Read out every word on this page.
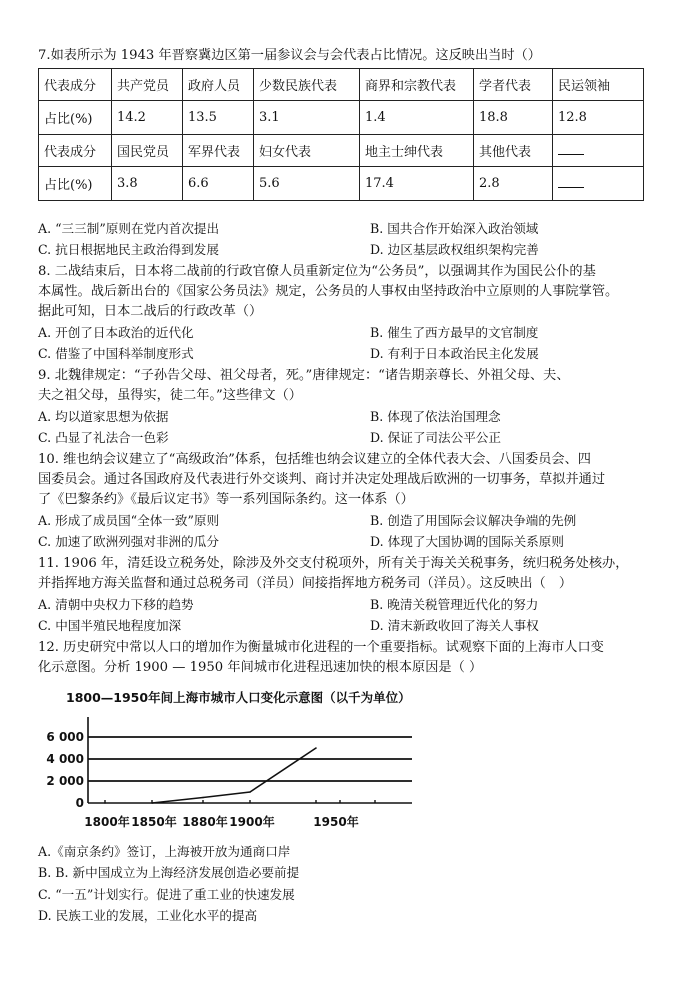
7.如表所示为 1943 年晋察冀边区第一届参议会与会代表占比情况。这反映出当时（）
代表成分	共产党员	政府人员	少数民族代表	商界和宗教代表	学者代表	民运领袖
占比(%)	14.2	13.5	3.1	1.4	18.8	12.8
代表成分	国民党员	军界代表	妇女代表	地主士绅代表	其他代表	
占比(%)	3.8	6.6	5.6	17.4	2.8	
A. “三三制”原则在党内首次提出	B. 国共合作开始深入政治领域
C. 抗日根据地民主政治得到发展	D. 边区基层政权组织架构完善
8. 二战结束后，日本将二战前的行政官僚人员重新定位为“公务员”，以强调其作为国民公仆的基
本属性。战后新出台的《国家公务员法》规定，公务员的人事权由坚持政治中立原则的人事院掌管。
据此可知，日本二战后的行政改革（）
A. 开创了日本政治的近代化	B. 催生了西方最早的文官制度
C. 借鉴了中国科举制度形式	D. 有利于日本政治民主化发展
9. 北魏律规定：“子孙告父母、祖父母者，死。”唐律规定：“诸告期亲尊长、外祖父母、夫、
夫之祖父母，虽得实，徒二年。”这些律文（）
A. 均以道家思想为依据	B. 体现了依法治国理念
C. 凸显了礼法合一色彩	D. 保证了司法公平公正
10. 维也纳会议建立了“高级政治”体系，包括维也纳会议建立的全体代表大会、八国委员会、四
国委员会。通过各国政府及代表进行外交谈判、商讨并决定处理战后欧洲的一切事务，草拟并通过
了《巴黎条约》《最后议定书》等一系列国际条约。这一体系（）
A. 形成了成员国“全体一致”原则	B. 创造了用国际会议解决争端的先例
C. 加速了欧洲列强对非洲的瓜分	D. 体现了大国协调的国际关系原则
11. 1906 年，清廷设立税务处，除涉及外交支付税项外，所有关于海关关税事务，统归税务处核办，
并指挥地方海关监督和通过总税务司（洋员）间接指挥地方税务司（洋员）。这反映出（　）
A. 清朝中央权力下移的趋势	B. 晚清关税管理近代化的努力
C. 中国半殖民地程度加深	D. 清末新政收回了海关人事权
12. 历史研究中常以人口的增加作为衡量城市化进程的一个重要指标。试观察下面的上海市人口变
化示意图。分析 1900 — 1950 年间城市化进程迅速加快的根本原因是（ ）
1800—1950年间上海市城市人口变化示意图（以千为单位）
6 000
4 000
2 000
0
1800年 1850年 1880年 1900年	1950年
A.《南京条约》签订，上海被开放为通商口岸
B. B. 新中国成立为上海经济发展创造必要前提
C. “一五”计划实行。促进了重工业的快速发展
D. 民族工业的发展，工业化水平的提高
